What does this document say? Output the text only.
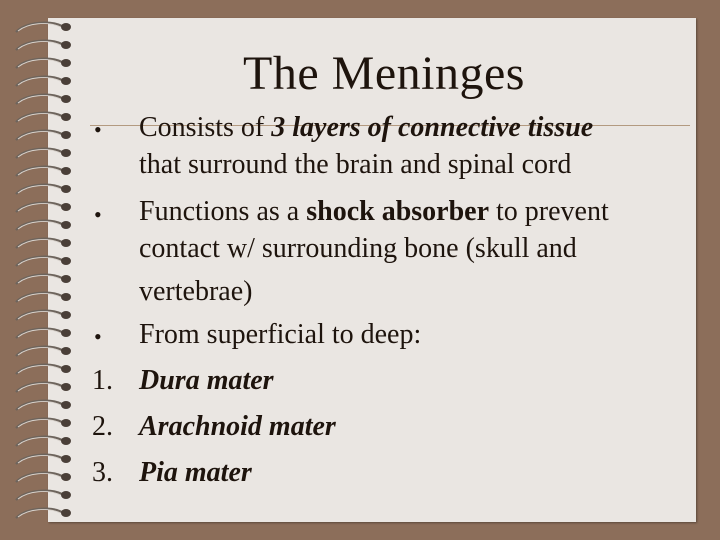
The Meninges
• Consists of 3 layers of connective tissue
that surround the brain and spinal cord
• Functions as a shock absorber to prevent
contact w/ surrounding bone (skull and
vertebrae)
• From superficial to deep:
1. Dura mater
2. Arachnoid mater
3. Pia mater
